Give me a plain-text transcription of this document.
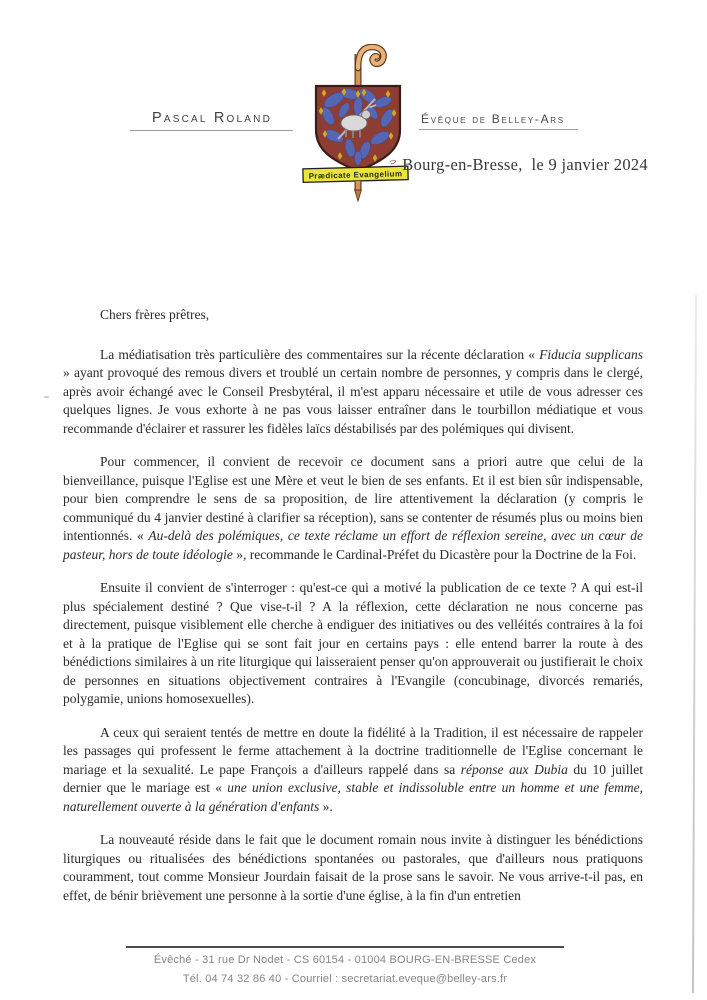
Pascal Roland	Évêque de Belley-Ars
Prædicate Evangelium
Bourg-en-Bresse,  le 9 janvier 2024

Chers frères prêtres,

La médiatisation très particulière des commentaires sur la récente déclaration « Fiducia supplicans » ayant provoqué des remous divers et troublé un certain nombre de personnes, y compris dans le clergé, après avoir échangé avec le Conseil Presbytéral, il m'est apparu nécessaire et utile de vous adresser ces quelques lignes. Je vous exhorte à ne pas vous laisser entraîner dans le tourbillon médiatique et vous recommande d'éclairer et rassurer les fidèles laïcs déstabilisés par des polémiques qui divisent.

Pour commencer, il convient de recevoir ce document sans a priori autre que celui de la bienveillance, puisque l'Eglise est une Mère et veut le bien de ses enfants. Et il est bien sûr indispensable, pour bien comprendre le sens de sa proposition, de lire attentivement la déclaration (y compris le communiqué du 4 janvier destiné à clarifier sa réception), sans se contenter de résumés plus ou moins bien intentionnés. « Au-delà des polémiques, ce texte réclame un effort de réflexion sereine, avec un cœur de pasteur, hors de toute idéologie », recommande le Cardinal-Préfet du Dicastère pour la Doctrine de la Foi.

Ensuite il convient de s'interroger : qu'est-ce qui a motivé la publication de ce texte ? A qui est-il plus spécialement destiné ? Que vise-t-il ? A la réflexion, cette déclaration ne nous concerne pas directement, puisque visiblement elle cherche à endiguer des initiatives ou des velléités contraires à la foi et à la pratique de l'Eglise qui se sont fait jour en certains pays : elle entend barrer la route à des bénédictions similaires à un rite liturgique qui laisseraient penser qu'on approuverait ou justifierait le choix de personnes en situations objectivement contraires à l'Evangile (concubinage, divorcés remariés, polygamie, unions homosexuelles).

A ceux qui seraient tentés de mettre en doute la fidélité à la Tradition, il est nécessaire de rappeler les passages qui professent le ferme attachement à la doctrine traditionnelle de l'Eglise concernant le mariage et la sexualité. Le pape François a d'ailleurs rappelé dans sa réponse aux Dubia du 10 juillet dernier que le mariage est « une union exclusive, stable et indissoluble entre un homme et une femme, naturellement ouverte à la génération d'enfants ».

La nouveauté réside dans le fait que le document romain nous invite à distinguer les bénédictions liturgiques ou ritualisées des bénédictions spontanées ou pastorales, que d'ailleurs nous pratiquons couramment, tout comme Monsieur Jourdain faisait de la prose sans le savoir. Ne vous arrive-t-il pas, en effet, de bénir brièvement une personne à la sortie d'une église, à la fin d'un entretien

Évêché - 31 rue Dr Nodet - CS 60154 - 01004 BOURG-EN-BRESSE Cedex
Tél. 04 74 32 86 40 - Courriel : secretariat.eveque@belley-ars.fr
